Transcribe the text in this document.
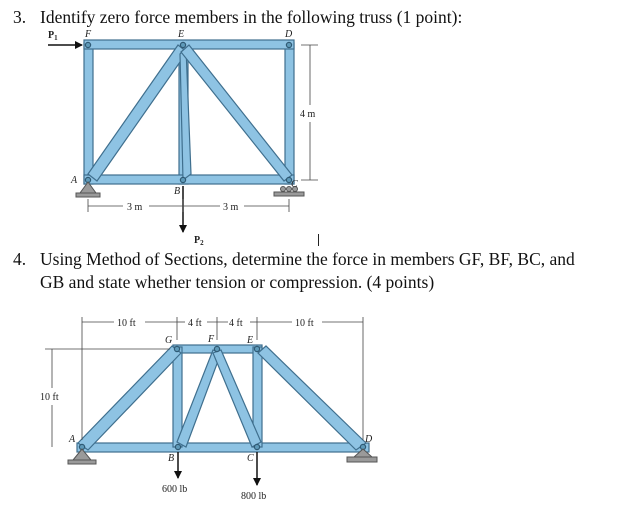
3. Identify zero force members in the following truss (1 point):
4. Using Method of Sections, determine the force in members GF, BF, BC, and
GB and state whether tension or compression. (4 points)
3 m	3 m
4 m
F	E	D
A
B
C
$P_1$
$P_2$
10 ft	4 ft	4 ft	10 ft
10 ft
G	F	E
A	D
B	C
600 lb
800 lb
